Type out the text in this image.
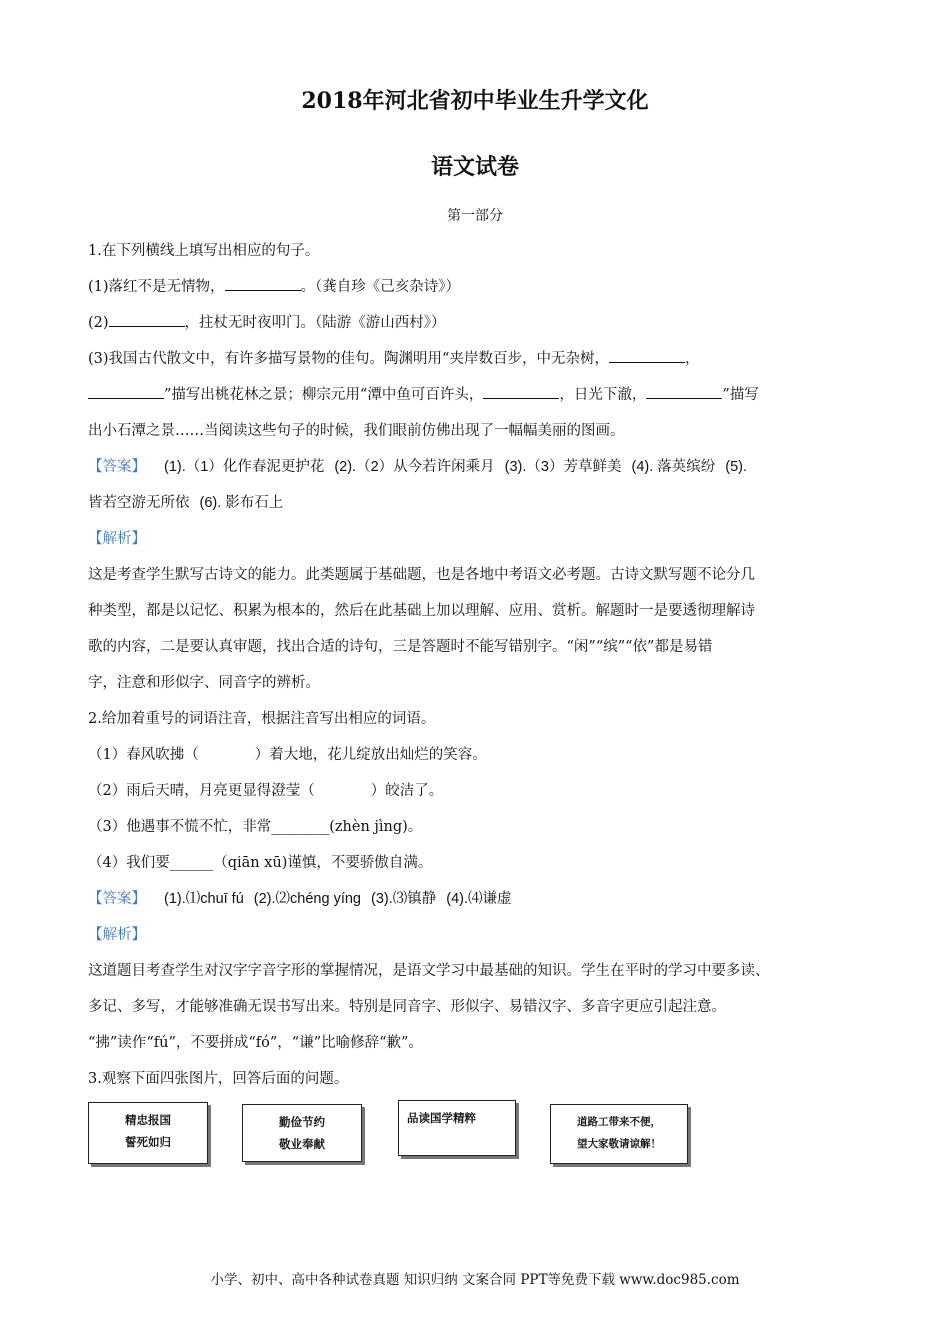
2018年河北省初中毕业生升学文化
语文试卷
第一部分
1.在下列横线上填写出相应的句子。
(1)落红不是无情物，	。（龚自珍《己亥杂诗》）
(2)	，拄杖无时夜叩门。（陆游《游山西村》）
(3)我国古代散文中，有许多描写景物的佳句。陶渊明用“夹岸数百步，中无杂树，	，
”描写出桃花林之景；柳宗元用“潭中鱼可百许头，	，日光下澈，	”描写
出小石潭之景……当阅读这些句子的时候，我们眼前仿佛出现了一幅幅美丽的图画。
【答案】 (1).（1）化作春泥更护花 (2).（2）从今若许闲乘月 (3).（3）芳草鲜美 (4). 落英缤纷 (5).
皆若空游无所依 (6). 影布石上
【解析】
这是考查学生默写古诗文的能力。此类题属于基础题，也是各地中考语文必考题。古诗文默写题不论分几
种类型，都是以记忆、积累为根本的，然后在此基础上加以理解、应用、赏析。解题时一是要透彻理解诗
歌的内容，二是要认真审题，找出合适的诗句，三是答题时不能写错别字。“闲”“缤”“依”都是易错
字，注意和形似字、同音字的辨析。
2.给加着重号的词语注音，根据注音写出相应的词语。
（1）春风吹拂 • •（	）着大地，花儿绽放出灿烂的笑容。
（2）雨后天晴，月亮更显得澄莹 • •（	）皎洁了。
（3）他遇事不慌不忙，非常________(zhèn jìng)。
（4）我们要______（qiān xū)谨慎，不要骄傲自满。
【答案】 (1).⑴chuī fú (2).⑵chéng yíng (3).⑶镇静 (4).⑷谦虚
【解析】
这道题目考查学生对汉字字音字形的掌握情况，是语文学习中最基础的知识。学生在平时的学习中要多读、
多记、多写，才能够准确无误书写出来。特别是同音字、形似字、易错汉字、多音字更应引起注意。
“拂”读作“fú”，不要拼成“fó”，“谦”比喻修辞“歉”。
3.观察下面四张图片，回答后面的问题。
精忠报国
誓死如归
勤俭节约
敬业奉献
品读国学精粹	道路工带来不便，
望大家敬请谅解！
小学、初中、高中各种试卷真题 知识归纳 文案合同 PPT等免费下载 www.doc985.com
